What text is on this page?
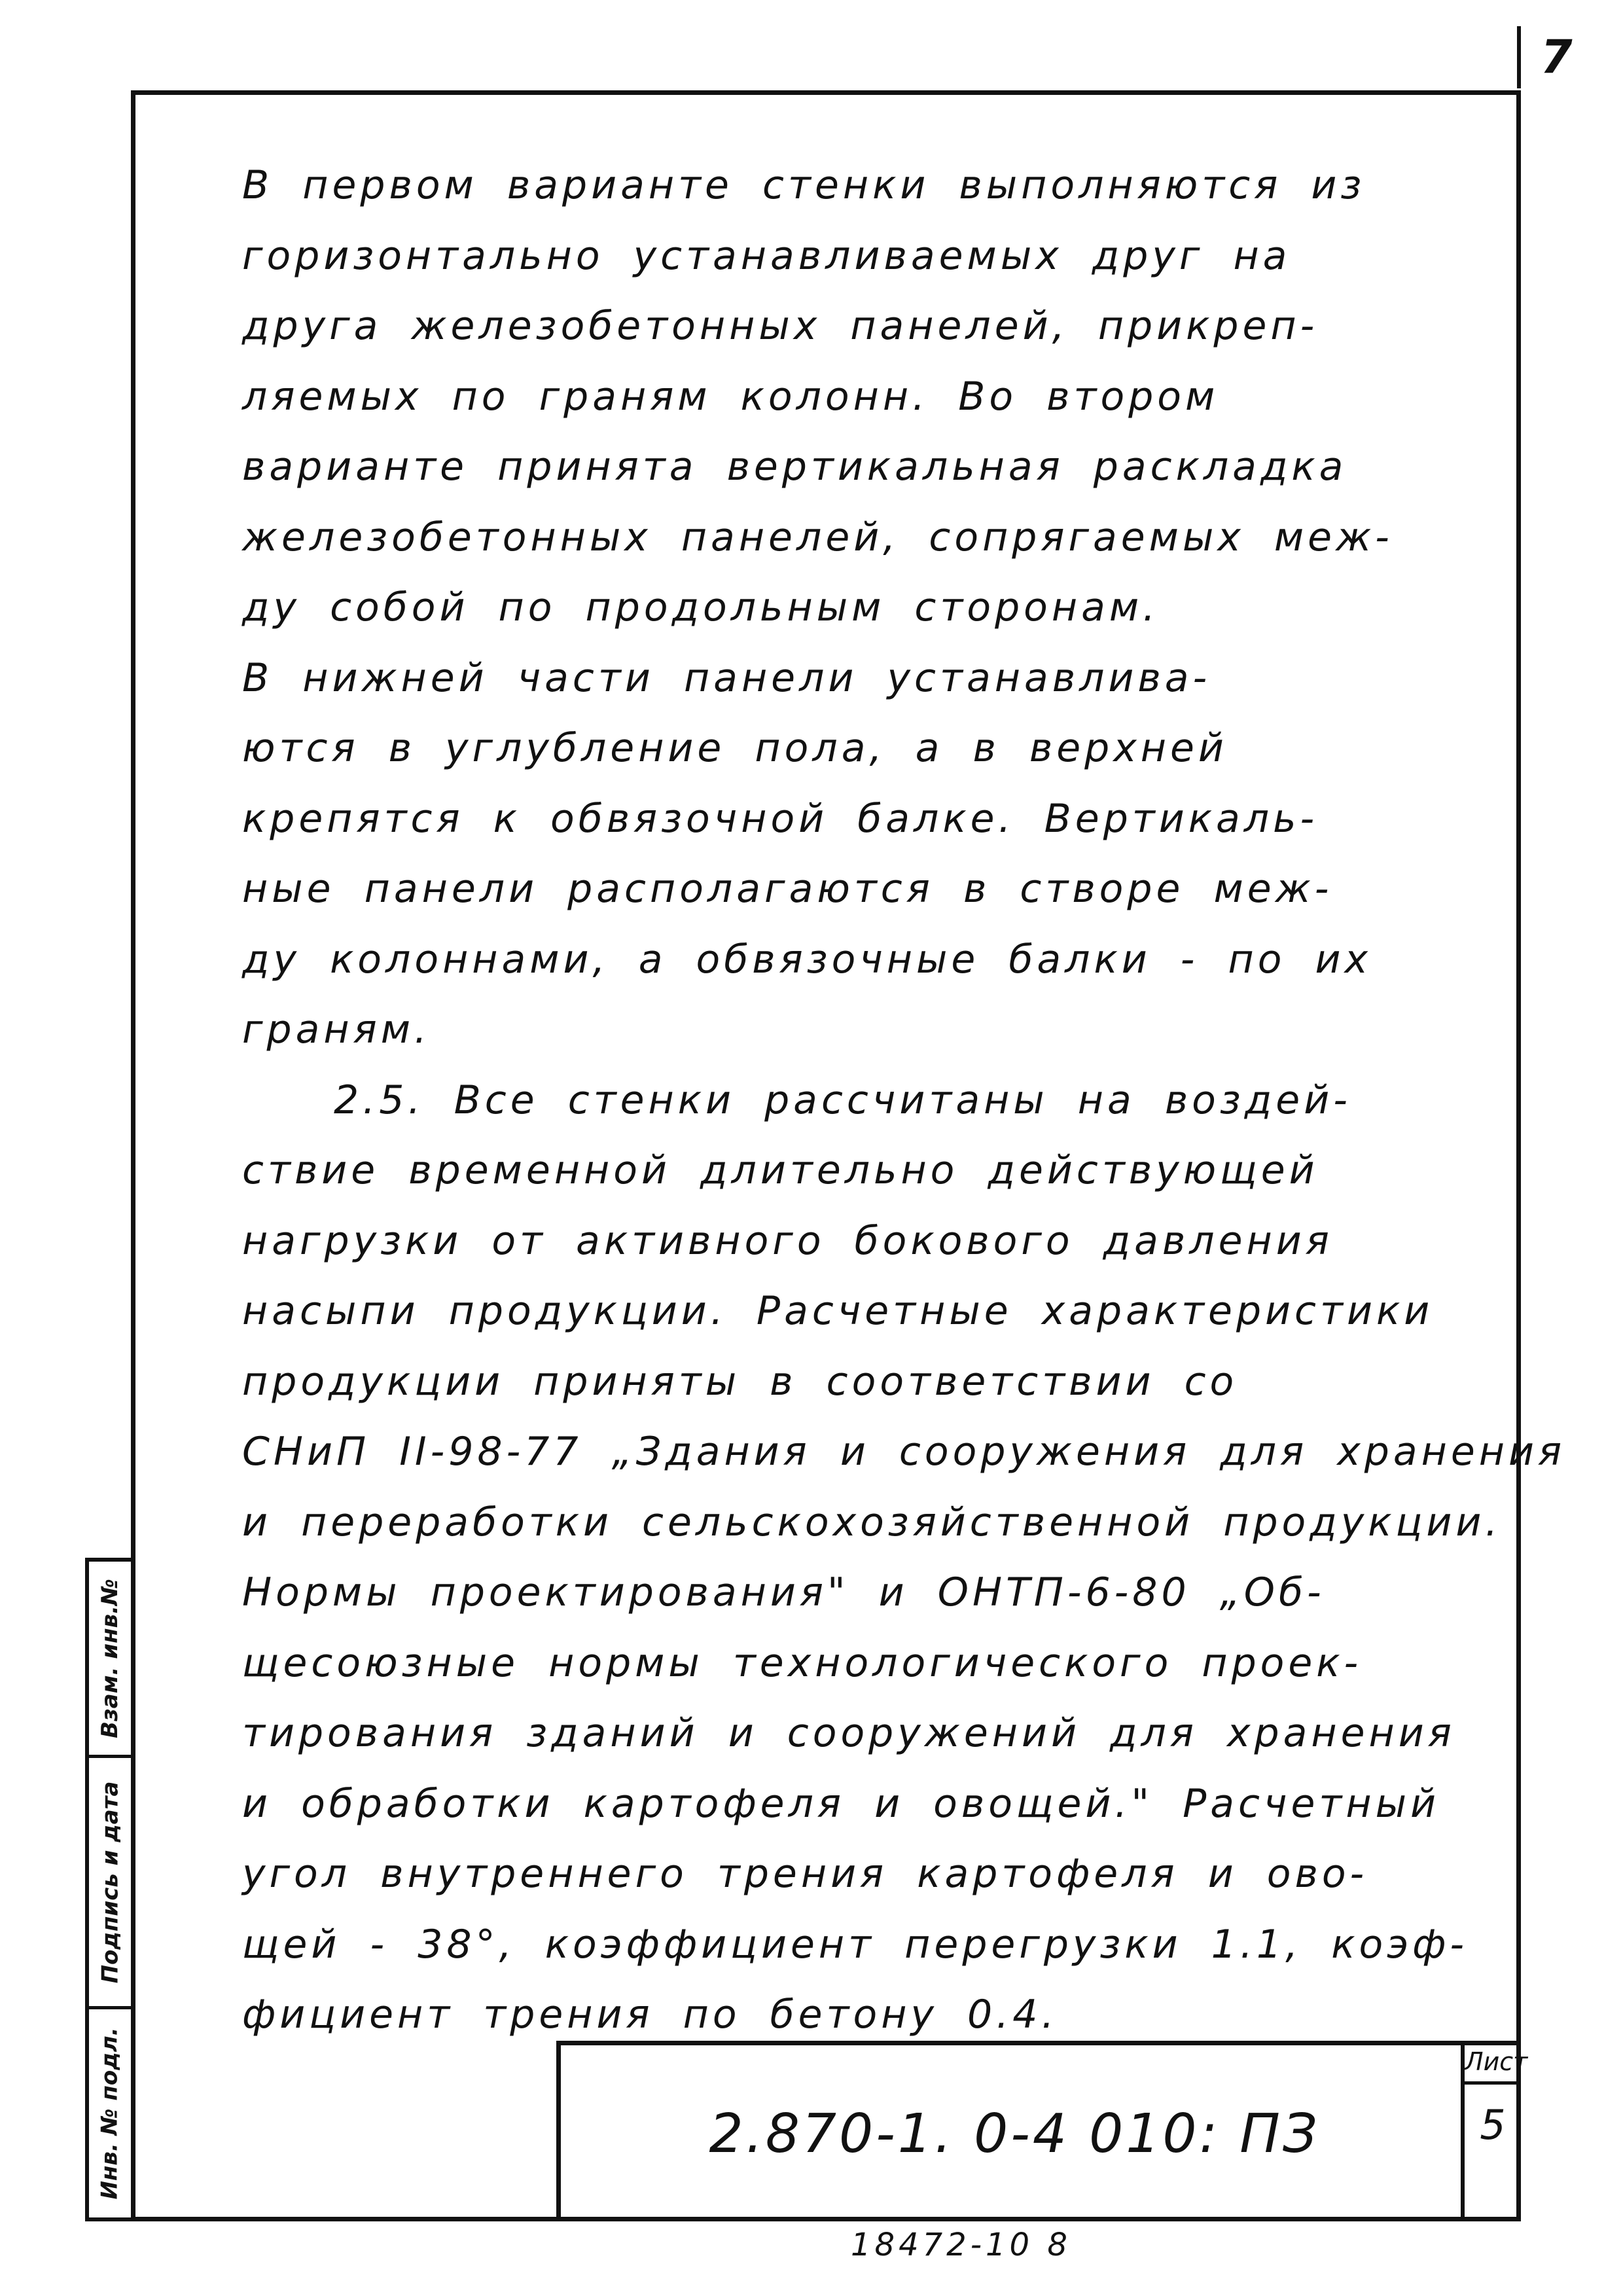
7
В первом варианте стенки выполняются из
горизонтально устанавливаемых друг на
друга железобетонных панелей, прикреп-
ляемых по граням колонн. Во втором
варианте принята вертикальная раскладка
железобетонных панелей, сопрягаемых меж-
ду собой по продольным сторонам.
В нижней части панели устанавлива-
ются в углубление пола, а в верхней
крепятся к обвязочной балке. Вертикаль-
ные панели располагаются в створе меж-
ду колоннами, а обвязочные балки - по их
граням.
2.5. Все стенки рассчитаны на воздей-
ствие временной длительно действующей
нагрузки от активного бокового давления
насыпи продукции. Расчетные характеристики
продукции приняты в соответствии со
СНиП II-98-77 „Здания и сооружения для хранения
и переработки сельскохозяйственной продукции.
Нормы проектирования" и ОНТП-6-80 „Об-
щесоюзные нормы технологического проек-
тирования зданий и сооружений для хранения
и обработки картофеля и овощей." Расчетный
угол внутреннего трения картофеля и ово-
щей - 38°, коэффициент перегрузки 1.1, коэф-
фициент трения по бетону 0.4.
2.870-1. 0-4 010: ПЗ
Лист
5
18472-10 8
Взам. инв.№
Подпись и дата
Инв. № подл.
